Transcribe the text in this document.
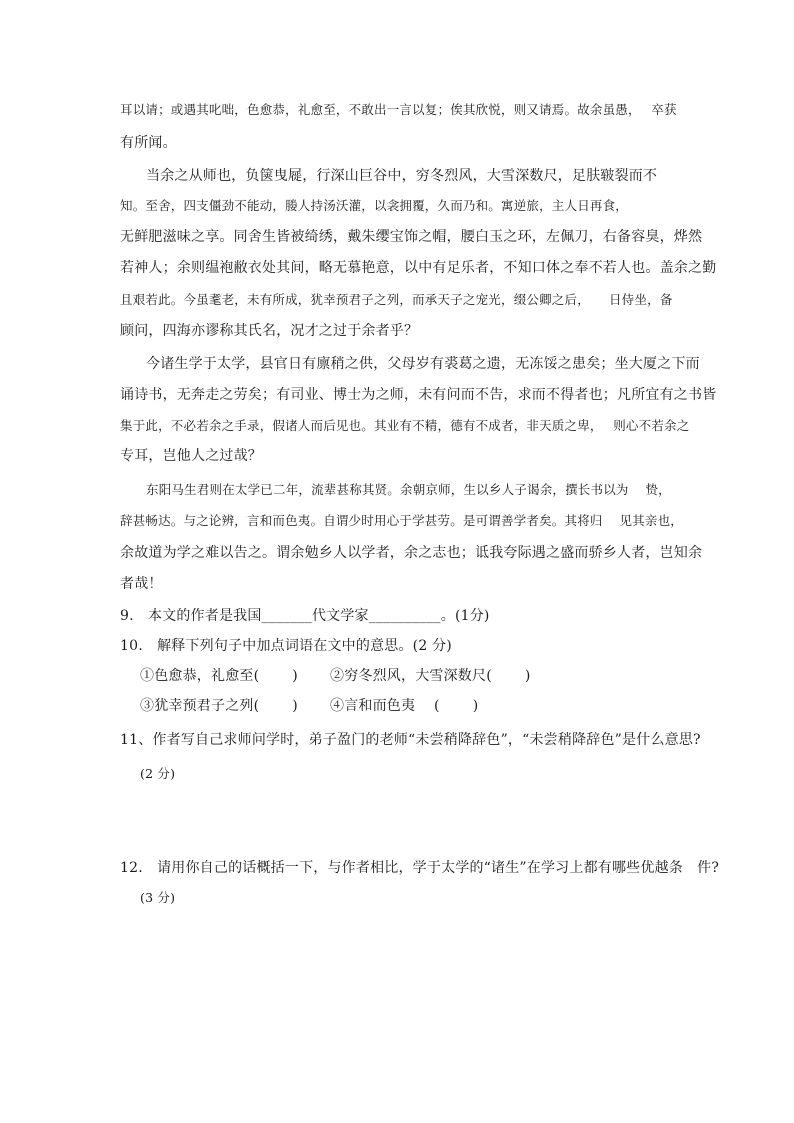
耳以请；或遇其叱咄，色愈恭，礼愈至，不敢出一言以复；俟其欣悦，则又请焉。故余虽愚，　 卒获
有所闻。
当余之从师也，负箧曳屣，行深山巨谷中，穷冬烈风，大雪深数尺，足肤皲裂而不
知。至舍，四支僵劲不能动，媵人持汤沃灌，以衾拥覆，久而乃和。寓逆旅，主人日再食，
无鲜肥滋味之享。同舍生皆被绮绣，戴朱缨宝饰之帽，腰白玉之环，左佩刀，右备容臭，烨然
若神人；余则缊袍敝衣处其间，略无慕艳意，以中有足乐者，不知口体之奉不若人也。盖余之勤
且艰若此。今虽耄老，未有所成，犹幸预君子之列，而承天子之宠光，缀公卿之后，　　日侍坐，备
顾问，四海亦谬称其氏名，况才之过于余者乎？
今诸生学于太学，县官日有廪稍之供，父母岁有裘葛之遗，无冻馁之患矣；坐大厦之下而
诵诗书，无奔走之劳矣；有司业、博士为之师，未有问而不告，求而不得者也；凡所宜有之书皆
集于此，不必若余之手录，假诸人而后见也。其业有不精，德有不成者，非天质之卑，　 则心不若余之
专耳，岂他人之过哉？
东阳马生君则在太学已二年，流辈甚称其贤。余朝京师，生以乡人子谒余，撰长书以为　 贽，
辞甚畅达。与之论辨，言和而色夷。自谓少时用心于学甚劳。是可谓善学者矣。其将归　 见其亲也，
余故道为学之难以告之。谓余勉乡人以学者，余之志也；诋我夸际遇之盛而骄乡人者，岂知余
者哉！
9.　本文的作者是我国_______代文学家__________。(1分)
10.　解释下列句子中加点词语在文中的意思。(2 分)
①色愈恭，礼愈至(　　 ) ②穷冬烈风，大雪深数尺(　　 )
③犹幸预君子之列(　　 ) ④言和而色夷　 (　　 )
11、作者写自己求师问学时，弟子盈门的老师“未尝稍降辞色”，“未尝稍降辞色”是什么意思?
(2 分)
12.　请用你自己的话概括一下，与作者相比，学于太学的“诸生”在学习上都有哪些优越条　件?
(3 分)
